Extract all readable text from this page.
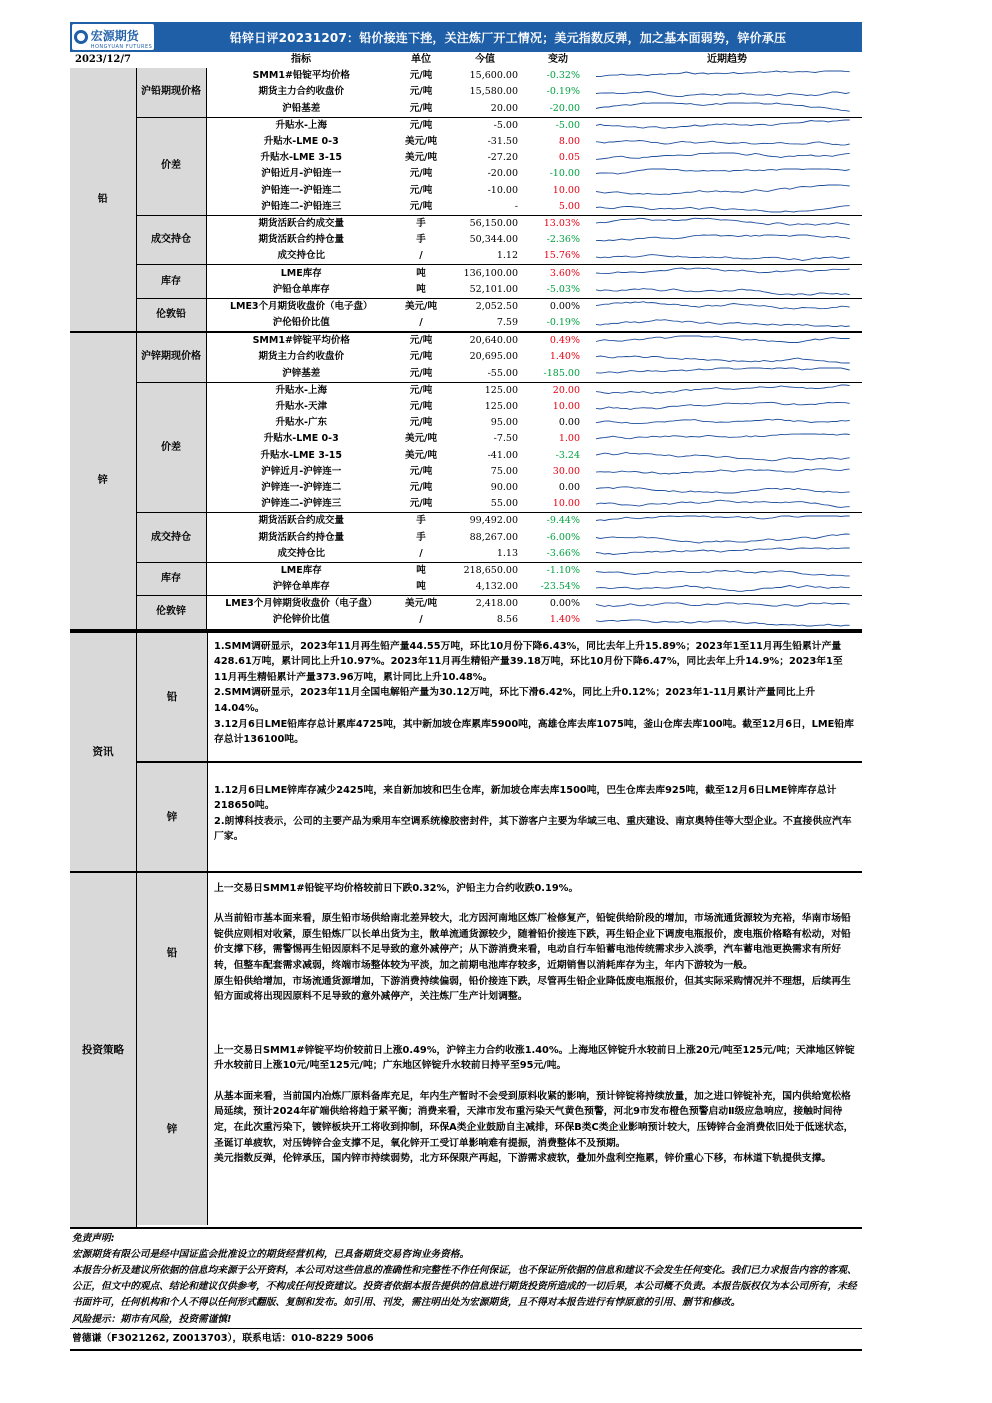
宏源期货
HONGYUAN FUTURES
铅锌日评20231207：铅价接连下挫，关注炼厂开工情况；美元指数反弹，加之基本面弱势，锌价承压
2023/12/7		指标	单位	今值	变动	近期趋势
铅	沪铅期现价格	SMM1#铅锭平均价格	元/吨	15,600.00	-0.32%	

		期货主力合约收盘价	元/吨	15,580.00	-0.19%	

		沪铅基差	元/吨	20.00	-20.00	

	价差	升贴水-上海	元/吨	-5.00	-5.00	

		升贴水-LME 0-3	美元/吨	-31.50	8.00	

		升贴水-LME 3-15	美元/吨	-27.20	0.05	

		沪铅近月-沪铅连一	元/吨	-20.00	-10.00	

		沪铅连一-沪铅连二	元/吨	-10.00	10.00	

		沪铅连二-沪铅连三	元/吨	-	5.00	

	成交持仓	期货活跃合约成交量	手	56,150.00	13.03%	

		期货活跃合约持仓量	手	50,344.00	-2.36%	

		成交持仓比	/	1.12	15.76%	

	库存	LME库存	吨	136,100.00	3.60%	

		沪铅仓单库存	吨	52,101.00	-5.03%	

	伦敦铅	LME3个月期货收盘价（电子盘）	美元/吨	2,052.50	0.00%	

		沪伦铅价比值	/	7.59	-0.19%	

锌	沪锌期现价格	SMM1#锌锭平均价格	元/吨	20,640.00	0.49%	

		期货主力合约收盘价	元/吨	20,695.00	1.40%	

		沪锌基差	元/吨	-55.00	-185.00	

	价差	升贴水-上海	元/吨	125.00	20.00	

		升贴水-天津	元/吨	125.00	10.00	

		升贴水-广东	元/吨	95.00	0.00	

		升贴水-LME 0-3	美元/吨	-7.50	1.00	

		升贴水-LME 3-15	美元/吨	-41.00	-3.24	

		沪锌近月-沪锌连一	元/吨	75.00	30.00	

		沪锌连一-沪锌连二	元/吨	90.00	0.00	

		沪锌连二-沪锌连三	元/吨	55.00	10.00	

	成交持仓	期货活跃合约成交量	手	99,492.00	-9.44%	

		期货活跃合约持仓量	手	88,267.00	-6.00%	

		成交持仓比	/	1.13	-3.66%	

	库存	LME库存	吨	218,650.00	-1.10%	

		沪锌仓单库存	吨	4,132.00	-23.54%	

	伦敦锌	LME3个月锌期货收盘价（电子盘）	美元/吨	2,418.00	0.00%	

		沪伦锌价比值	/	8.56	1.40%	
资讯
铅

1.SMM调研显示，2023年11月再生铅产量44.55万吨，环比10月份下降6.43%，同比去年上升15.89%；2023年1至11月再生铅累计产量428.61万吨，累计同比上升10.97%。2023年11月再生精铅产量39.18万吨，环比10月份下降6.47%，同比去年上升14.9%；2023年1至11月再生精铅累计产量373.96万吨，累计同比上升10.48%。

2.SMM调研显示，2023年11月全国电解铅产量为30.12万吨，环比下滑6.42%，同比上升0.12%；2023年1-11月累计产量同比上升14.04%。

3.12月6日LME铅库存总计累库4725吨，其中新加坡仓库累库5900吨，高雄仓库去库1075吨，釜山仓库去库100吨。截至12月6日，LME铅库存总计136100吨。

锌

1.12月6日LME锌库存减少2425吨，来自新加坡和巴生仓库，新加坡仓库去库1500吨，巴生仓库去库925吨，截至12月6日LME锌库存总计218650吨。

2.朗博科技表示，公司的主要产品为乘用车空调系统橡胶密封件，其下游客户主要为华域三电、重庆建设、南京奥特佳等大型企业。不直接供应汽车厂家。

投资策略
铅

上一交易日SMM1#铅锭平均价格较前日下跌0.32%，沪铅主力合约收跌0.19%。

从当前铅市基本面来看，原生铅市场供给南北差异较大，北方因河南地区炼厂检修复产，铅锭供给阶段的增加，市场流通货源较为充裕，华南市场铅锭供应则相对收紧，原生铅炼厂以长单出货为主，散单流通货源较少，随着铅价接连下跌，再生铅企业下调废电瓶报价，废电瓶价格略有松动，对铅价支撑下移，需警惕再生铅因原料不足导致的意外减停产；从下游消费来看，电动自行车铅蓄电池传统需求步入淡季，汽车蓄电池更换需求有所好转，但整车配套需求减弱，终端市场整体较为平淡，加之前期电池库存较多，近期销售以消耗库存为主，年内下游较为一般。

原生铅供给增加，市场流通货源增加，下游消费持续偏弱，铅价接连下跌，尽管再生铅企业降低废电瓶报价，但其实际采购情况并不理想，后续再生铅方面或将出现因原料不足导致的意外减停产，关注炼厂生产计划调整。

锌

上一交易日SMM1#锌锭平均价较前日上涨0.49%，沪锌主力合约收涨1.40%。上海地区锌锭升水较前日上涨20元/吨至125元/吨；天津地区锌锭升水较前日上涨10元/吨至125元/吨；广东地区锌锭升水较前日持平至95元/吨。

从基本面来看，当前国内冶炼厂原料备库充足，年内生产暂时不会受到原料收紧的影响，预计锌锭将持续放量，加之进口锌锭补充，国内供给宽松格局延续，预计2024年矿端供给将趋于紧平衡；消费来看，天津市发布重污染天气黄色预警，河北9市发布橙色预警启动Ⅱ级应急响应，接触时间待定，在此次重污染下，镀锌板块开工将收到抑制，环保A类企业鼓励自主减排，环保B类C类企业影响预计较大，压铸锌合金消费依旧处于低迷状态，圣诞订单疲软，对压铸锌合金支撑不足，氧化锌开工受订单影响难有提振，消费整体不及预期。

美元指数反弹，伦锌承压，国内锌市持续弱势，北方环保限产再起，下游需求疲软，叠加外盘利空拖累，锌价重心下移，布林道下轨提供支撑。

免责声明:
宏源期货有限公司是经中国证监会批准设立的期货经营机构，已具备期货交易咨询业务资格。
本报告分析及建议所依据的信息均来源于公开资料，本公司对这些信息的准确性和完整性不作任何保证，也不保证所依据的信息和建议不会发生任何变化。我们已力求报告内容的客观、公正，但文中的观点、结论和建议仅供参考，不构成任何投资建议。投资者依据本报告提供的信息进行期货投资所造成的一切后果，本公司概不负责。本报告版权仅为本公司所有，未经书面许可，任何机构和个人不得以任何形式翻版、复制和发布。如引用、刊发，需注明出处为宏源期货，且不得对本报告进行有悖原意的引用、删节和修改。
风险提示：期市有风险，投资需谨慎!
曾德谦（F3021262, Z0013703），联系电话：010-8229 5006
